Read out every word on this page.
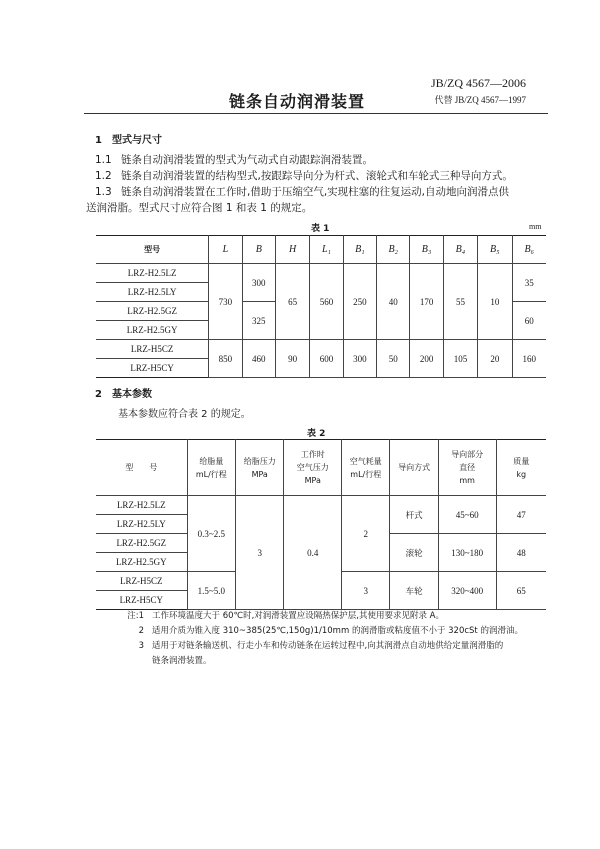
JB/ZQ 4567—2006
链条自动润滑装置	代替 JB/ZQ 4567—1997
1　型式与尺寸
1.1 链条自动润滑装置的型式为气动式自动跟踪润滑装置。
1.2 链条自动润滑装置的结构型式,按跟踪导向分为杆式、滚轮式和车轮式三种导向方式。
1.3 链条自动润滑装置在工作时,借助于压缩空气,实现柱塞的往复运动,自动地向润滑点供
送润滑脂。型式尺寸应符合图 1 和表 1 的规定。
表 1	mm
型号	L	B	H	L₁	B₁	B₂	B₃	B₄	B₅	B₆
LRZ-H2.5LZ	730	300	65	560	250	40	170	55	10	35
LRZ-H2.5LY										
LRZ-H2.5GZ		325								60
LRZ-H2.5GY										
LRZ-H5CZ	850	460	90	600	300	50	200	105	20	160
LRZ-H5CY										
2　基本参数
基本参数应符合表 2 的规定。
表 2
型　　号	给脂量
mL/行程	给脂压力
MPa	工作时
空气压力
MPa	空气耗量
mL/行程	导向方式	导向部分
直径
mm	质量
kg
LRZ-H2.5LZ	0.3~2.5	3	0.4	2	杆式	45~60	47
LRZ-H2.5LY							
LRZ-H2.5GZ					滚轮	130~180	48
LRZ-H2.5GY							
LRZ-H5CZ	1.5~5.0			3	车轮	320~400	65
LRZ-H5CY							
注:1 工作环境温度大于 60℃时,对润滑装置应设隔热保护层,其使用要求见附录 A。
2 适用介质为锥入度 310~385(25℃,150g)1/10mm 的润滑脂或粘度值不小于 320cSt 的润滑油。
3 适用于对链条输送机、行走小车和传动链条在运转过程中,向其润滑点自动地供给定量润滑脂的
链条润滑装置。
